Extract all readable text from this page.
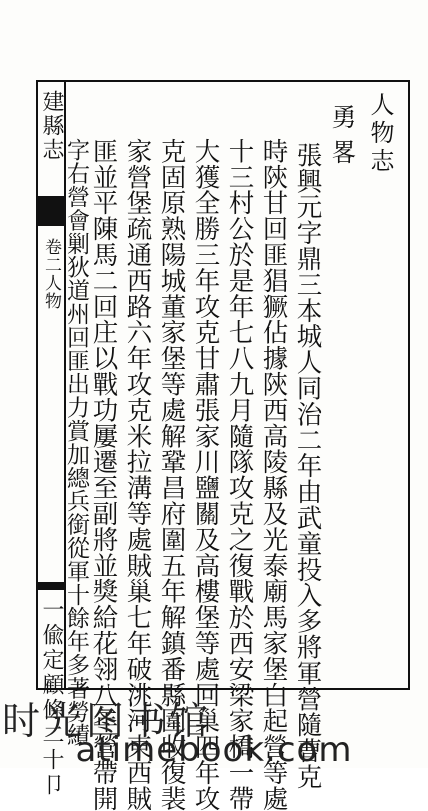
建縣志
卷二人物
一偸定顧條二十卩
人物志
勇畧
張興元字鼎三本城人同治二年由武童投入多將軍營隨曹克
時陝甘回匪猖獗佔據陝西高陵縣及光泰廟馬家堡白起營等處
十三村公於是年七八九月隨隊攻克之復戰於西安梁家橋一帶
大獲全勝三年攻克甘肅張家川鹽關及高樓堡等處回巢四年攻
克固原熟陽城董家堡等處解鞏昌府圍五年解鎮番縣圍收復裴
家營堡疏通西路六年攻克米拉溝等處賊巢七年破洮河東西賊
匪並平陳馬二回庄以戰功屢遷至副將並獎給花翎八年營帶開
字右營會剿狄道州回匪出力賞加總兵銜從軍十餘年多著勞績
时光图书馆
atimebook.com
